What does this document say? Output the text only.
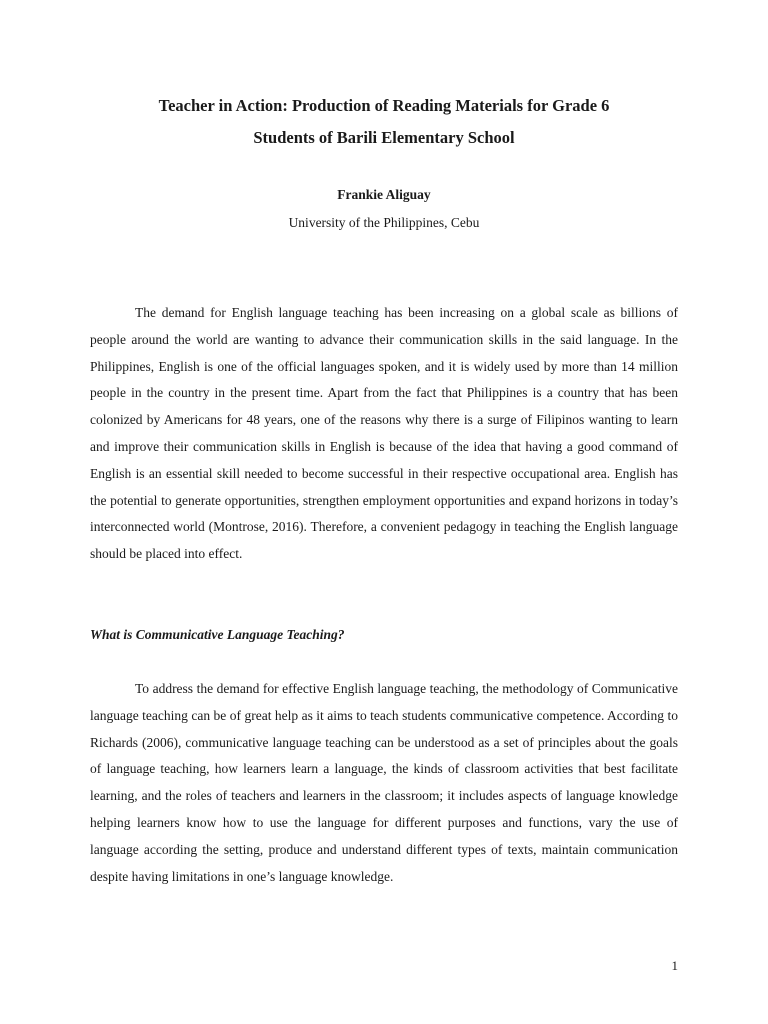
Teacher in Action: Production of Reading Materials for Grade 6
Students of Barili Elementary School
Frankie Aliguay
University of the Philippines, Cebu

The demand for English language teaching has been increasing on a global scale as billions of people around the world are wanting to advance their communication skills in the said language. In the Philippines, English is one of the official languages spoken, and it is widely used by more than 14 million people in the country in the present time. Apart from the fact that Philippines is a country that has been colonized by Americans for 48 years, one of the reasons why there is a surge of Filipinos wanting to learn and improve their communication skills in English is because of the idea that having a good command of English is an essential skill needed to become successful in their respective occupational area. English has the potential to generate opportunities, strengthen employment opportunities and expand horizons in today’s interconnected world (Montrose, 2016). Therefore, a convenient pedagogy in teaching the English language should be placed into effect.

What is Communicative Language Teaching?

To address the demand for effective English language teaching, the methodology of Communicative language teaching can be of great help as it aims to teach students communicative competence. According to Richards (2006), communicative language teaching can be understood as a set of principles about the goals of language teaching, how learners learn a language, the kinds of classroom activities that best facilitate learning, and the roles of teachers and learners in the classroom; it includes aspects of language knowledge helping learners know how to use the language for different purposes and functions, vary the use of language according the setting, produce and understand different types of texts, maintain communication despite having limitations in one’s language knowledge.

1
